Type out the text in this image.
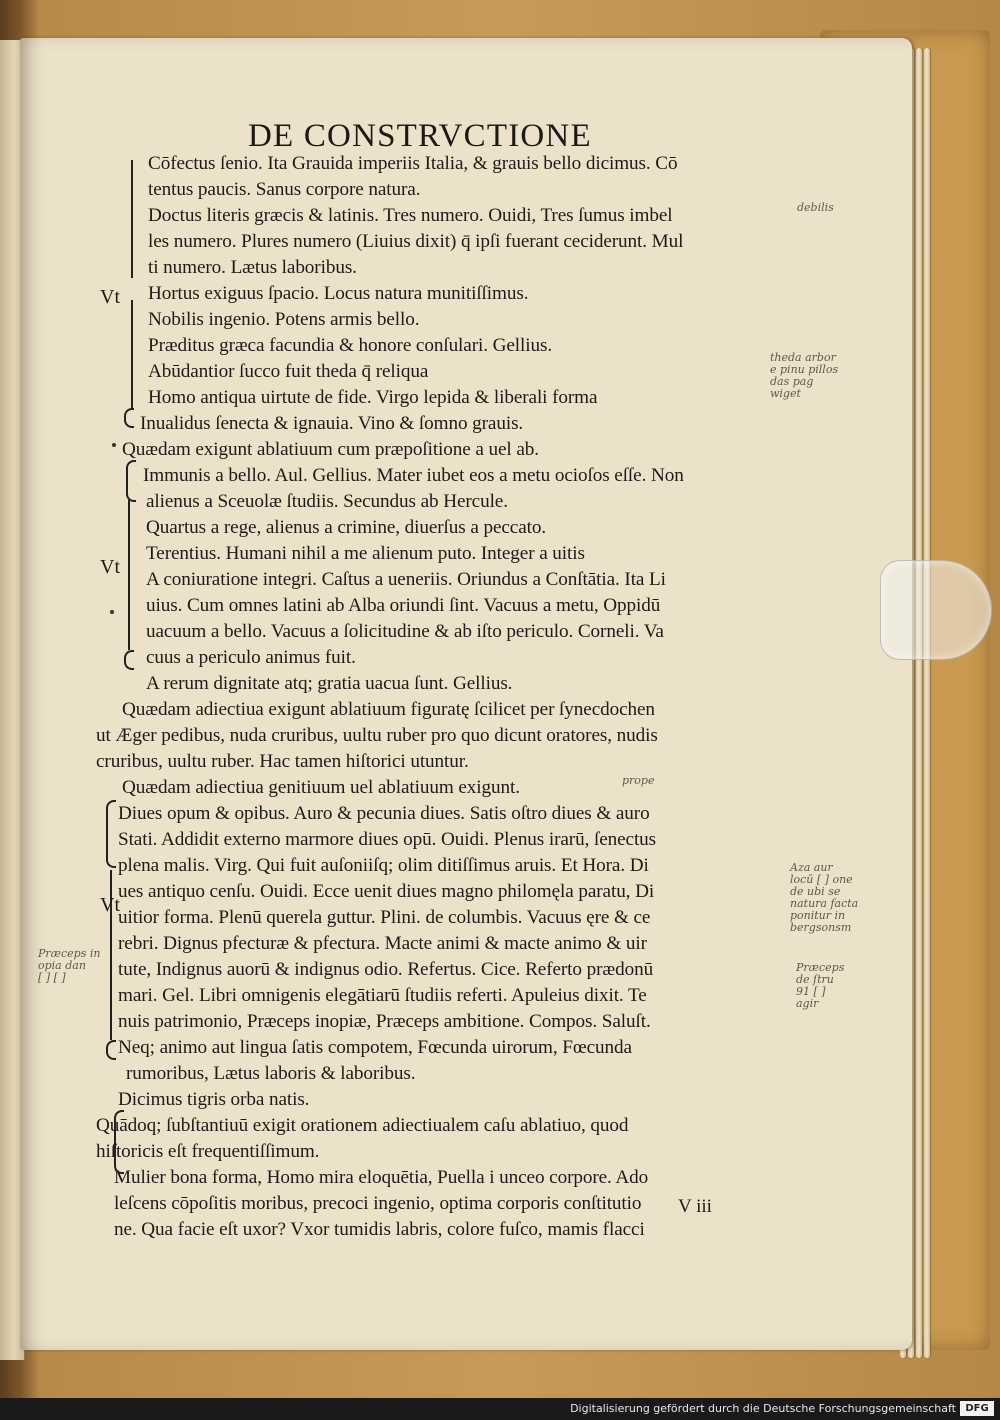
DE CONSTRVCTIONE
Cōfectus ſenio. Ita Grauida imperiis Italia, & grauis bello dicimus. Cō
tentus paucis. Sanus corpore natura.
Doctus literis græcis & latinis. Tres numero. Ouidi, Tres ſumus imbel
les numero. Plures numero (Liuius dixit) q̄ ipſi fuerant ceciderunt. Mul
ti numero. Lætus laboribus.
Hortus exiguus ſpacio. Locus natura munitiſſimus.
Nobilis ingenio. Potens armis bello.
Præditus græca facundia & honore conſulari. Gellius.
Abūdantior ſucco fuit theda q̄ reliqua
Homo antiqua uirtute de fide. Virgo lepida & liberali forma
Inualidus ſenecta & ignauia. Vino & ſomno grauis.
Quædam exigunt ablatiuum cum præpoſitione a uel ab.
Immunis a bello. Aul. Gellius. Mater iubet eos a metu ocioſos eſſe. Non
alienus a Sceuolæ ſtudiis. Secundus ab Hercule.
Quartus a rege, alienus a crimine, diuerſus a peccato.
Terentius. Humani nihil a me alienum puto. Integer a uitis
A coniuratione integri. Caſtus a ueneriis. Oriundus a Conſtātia. Ita Li
uius. Cum omnes latini ab Alba oriundi ſint. Vacuus a metu, Oppidū
uacuum a bello. Vacuus a ſolicitudine & ab iſto periculo. Corneli. Va
cuus a periculo animus fuit.
A rerum dignitate atq; gratia uacua ſunt. Gellius.
Quædam adiectiua exigunt ablatiuum figuratę ſcilicet per ſynecdochen
ut Æger pedibus, nuda cruribus, uultu ruber pro quo dicunt oratores, nudis
cruribus, uultu ruber. Hac tamen hiſtorici utuntur.
Quædam adiectiua genitiuum uel ablatiuum exigunt.
Diues opum & opibus. Auro & pecunia diues. Satis oſtro diues & auro
Stati. Addidit externo marmore diues opū. Ouidi. Plenus irarū, ſenectus
plena malis. Virg. Qui fuit auſoniiſq; olim ditiſſimus aruis. Et Hora. Di
ues antiquo cenſu. Ouidi. Ecce uenit diues magno philomęla paratu, Di
uitior forma. Plenū querela guttur. Plini. de columbis. Vacuus ęre & ce
rebri. Dignus pfecturæ & pfectura. Macte animi & macte animo & uir
tute, Indignus auorū & indignus odio. Refertus. Cice. Referto prædonū
mari. Gel. Libri omnigenis elegātiarū ſtudiis referti. Apuleius dixit. Te
nuis patrimonio, Præceps inopiæ, Præceps ambitione. Compos. Saluſt.
Neq; animo aut lingua ſatis compotem, Fœcunda uirorum, Fœcunda
rumoribus, Lætus laboris & laboribus.
Dicimus tigris orba natis.
Quādoq; ſubſtantiuū exigit orationem adiectiualem caſu ablatiuo, quod
hiſtoricis eſt frequentiſſimum.
Mulier bona forma, Homo mira eloquētia, Puella i unceo corpore. Ado
leſcens cōpoſitis moribus, precoci ingenio, optima corporis conſtitutio
ne. Qua facie eſt uxor? Vxor tumidis labris, colore fuſco, mamis flacci
Vt
Vt
Vt
debilis
theda arbor
e pinu pillos
das pag
wiget
Aza aur
locū [ ] one
de ubi se
natura facta
ponitur in
bergsonsm
Præceps
de ſtru
91 [ ]
agir
Præceps in
opia dan
[ ] [ ]
prope
V iii
Digitalisierung gefördert durch die Deutsche Forschungsgemeinschaft DFG
